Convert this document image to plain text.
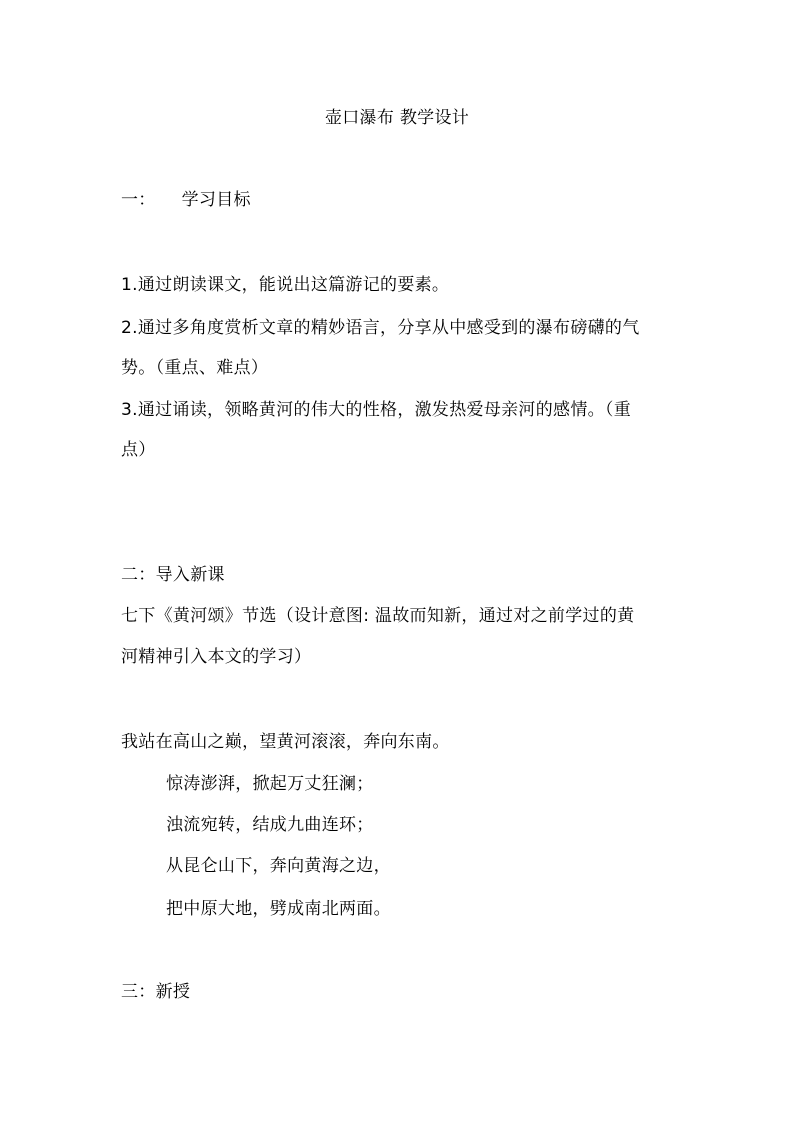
壶口瀑布 教学设计
一： 学习目标
1.通过朗读课文，能说出这篇游记的要素。
2.通过多角度赏析文章的精妙语言，分享从中感受到的瀑布磅礴的气
势。（重点、难点）
3.通过诵读，领略黄河的伟大的性格，激发热爱母亲河的感情。（重
点）
二：导入新课
七下《黄河颂》节选（设计意图: 温故而知新，通过对之前学过的黄
河精神引入本文的学习）
我站在高山之巅，望黄河滚滚，奔向东南。
惊涛澎湃，掀起万丈狂澜；
浊流宛转，结成九曲连环；
从昆仑山下，奔向黄海之边，
把中原大地，劈成南北两面。
三：新授
